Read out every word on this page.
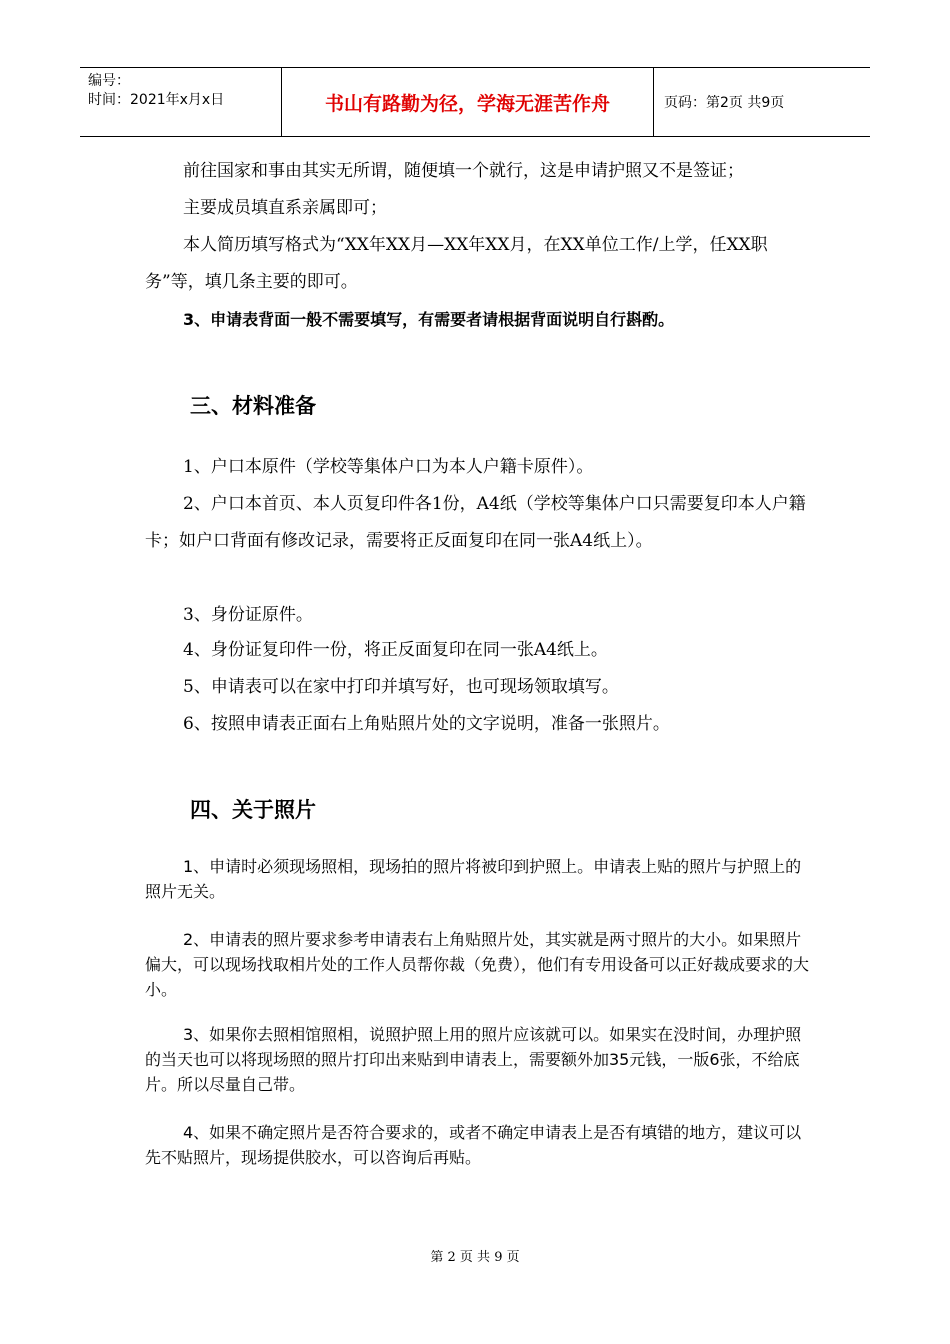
编号：
时间：2021年x月x日	书山有路勤为径，学海无涯苦作舟	页码：第2页 共9页

前往国家和事由其实无所谓，随便填一个就行，这是申请护照又不是签证；

主要成员填直系亲属即可；

本人简历填写格式为“XX年XX月—XX年XX月，在XX单位工作/上学，任XX职务”等，填几条主要的即可。

3、申请表背面一般不需要填写，有需要者请根据背面说明自行斟酌。

三、材料准备

1、户口本原件（学校等集体户口为本人户籍卡原件）。

2、户口本首页、本人页复印件各1份，A4纸（学校等集体户口只需要复印本人户籍卡；如户口背面有修改记录，需要将正反面复印在同一张A4纸上）。

3、身份证原件。

4、身份证复印件一份，将正反面复印在同一张A4纸上。

5、申请表可以在家中打印并填写好，也可现场领取填写。

6、按照申请表正面右上角贴照片处的文字说明，准备一张照片。

四、关于照片

1、申请时必须现场照相，现场拍的照片将被印到护照上。申请表上贴的照片与护照上的照片无关。

2、申请表的照片要求参考申请表右上角贴照片处，其实就是两寸照片的大小。如果照片偏大，可以现场找取相片处的工作人员帮你裁（免费），他们有专用设备可以正好裁成要求的大小。

3、如果你去照相馆照相，说照护照上用的照片应该就可以。如果实在没时间，办理护照的当天也可以将现场照的照片打印出来贴到申请表上，需要额外加35元钱，一版6张，不给底片。所以尽量自己带。

4、如果不确定照片是否符合要求的，或者不确定申请表上是否有填错的地方，建议可以先不贴照片，现场提供胶水，可以咨询后再贴。

第 2 页 共 9 页
